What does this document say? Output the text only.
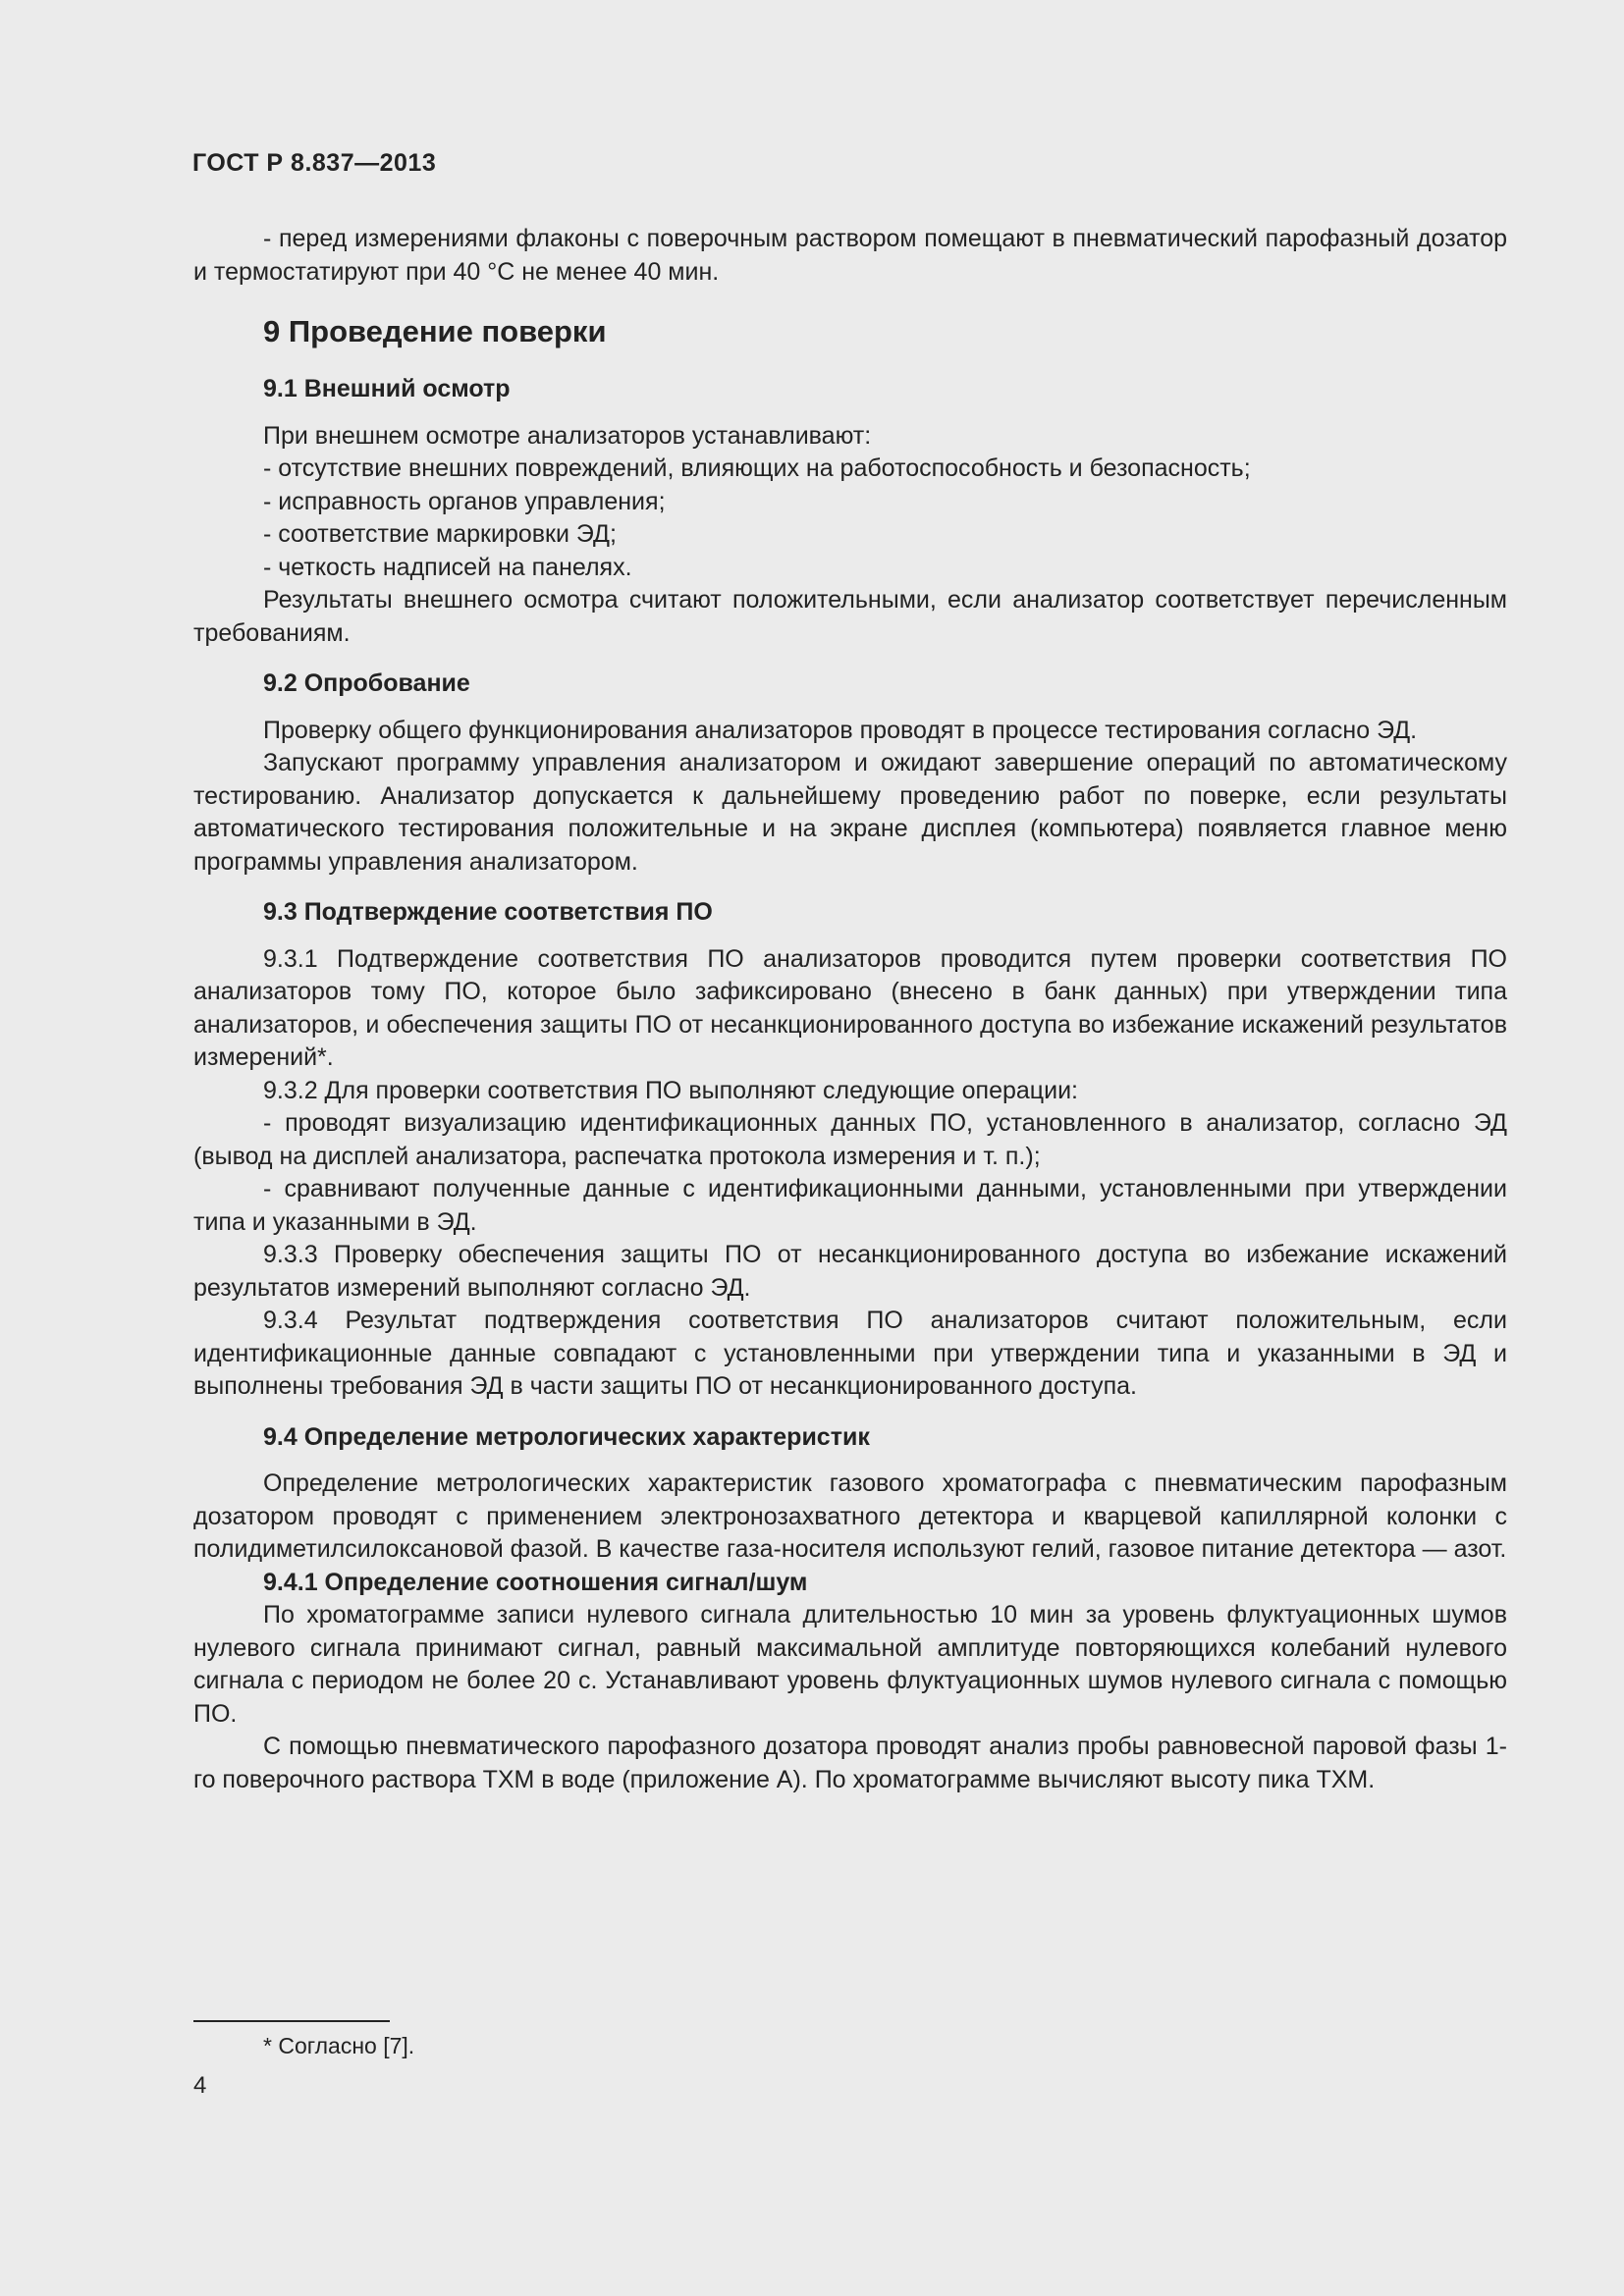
ГОСТ Р 8.837—2013

- перед измерениями флаконы с поверочным раствором помещают в пневматический парофазный дозатор и термостатируют при 40 °С не менее 40 мин.

9 Проведение поверки

9.1 Внешний осмотр

При внешнем осмотре анализаторов устанавливают:

- отсутствие внешних повреждений, влияющих на работоспособность и безопасность;

- исправность органов управления;

- соответствие маркировки ЭД;

- четкость надписей на панелях.

Результаты внешнего осмотра считают положительными, если анализатор соответствует перечисленным требованиям.

9.2 Опробование

Проверку общего функционирования анализаторов проводят в процессе тестирования согласно ЭД.

Запускают программу управления анализатором и ожидают завершение операций по автоматическому тестированию. Анализатор допускается к дальнейшему проведению работ по поверке, если результаты автоматического тестирования положительные и на экране дисплея (компьютера) появляется главное меню программы управления анализатором.

9.3 Подтверждение соответствия ПО

9.3.1 Подтверждение соответствия ПО анализаторов проводится путем проверки соответствия ПО анализаторов тому ПО, которое было зафиксировано (внесено в банк данных) при утверждении типа анализаторов, и обеспечения защиты ПО от несанкционированного доступа во избежание искажений результатов измерений*.

9.3.2 Для проверки соответствия ПО выполняют следующие операции:

- проводят визуализацию идентификационных данных ПО, установленного в анализатор, согласно ЭД (вывод на дисплей анализатора, распечатка протокола измерения и т. п.);

- сравнивают полученные данные с идентификационными данными, установленными при утверждении типа и указанными в ЭД.

9.3.3 Проверку обеспечения защиты ПО от несанкционированного доступа во избежание искажений результатов измерений выполняют согласно ЭД.

9.3.4 Результат подтверждения соответствия ПО анализаторов считают положительным, если идентификационные данные совпадают с установленными при утверждении типа и указанными в ЭД и выполнены требования ЭД в части защиты ПО от несанкционированного доступа.

9.4 Определение метрологических характеристик

Определение метрологических характеристик газового хроматографа с пневматическим парофазным дозатором проводят с применением электронозахватного детектора и кварцевой капиллярной колонки с полидиметилсилоксановой фазой. В качестве газа-носителя используют гелий, газовое питание детектора — азот.

9.4.1 Определение соотношения сигнал/шум

По хроматограмме записи нулевого сигнала длительностью 10 мин за уровень флуктуационных шумов нулевого сигнала принимают сигнал, равный максимальной амплитуде повторяющихся колебаний нулевого сигнала с периодом не более 20 с. Устанавливают уровень флуктуационных шумов нулевого сигнала с помощью ПО.

С помощью пневматического парофазного дозатора проводят анализ пробы равновесной паровой фазы 1-го поверочного раствора ТХМ в воде (приложение А). По хроматограмме вычисляют высоту пика ТХМ.

* Согласно [7].
4
